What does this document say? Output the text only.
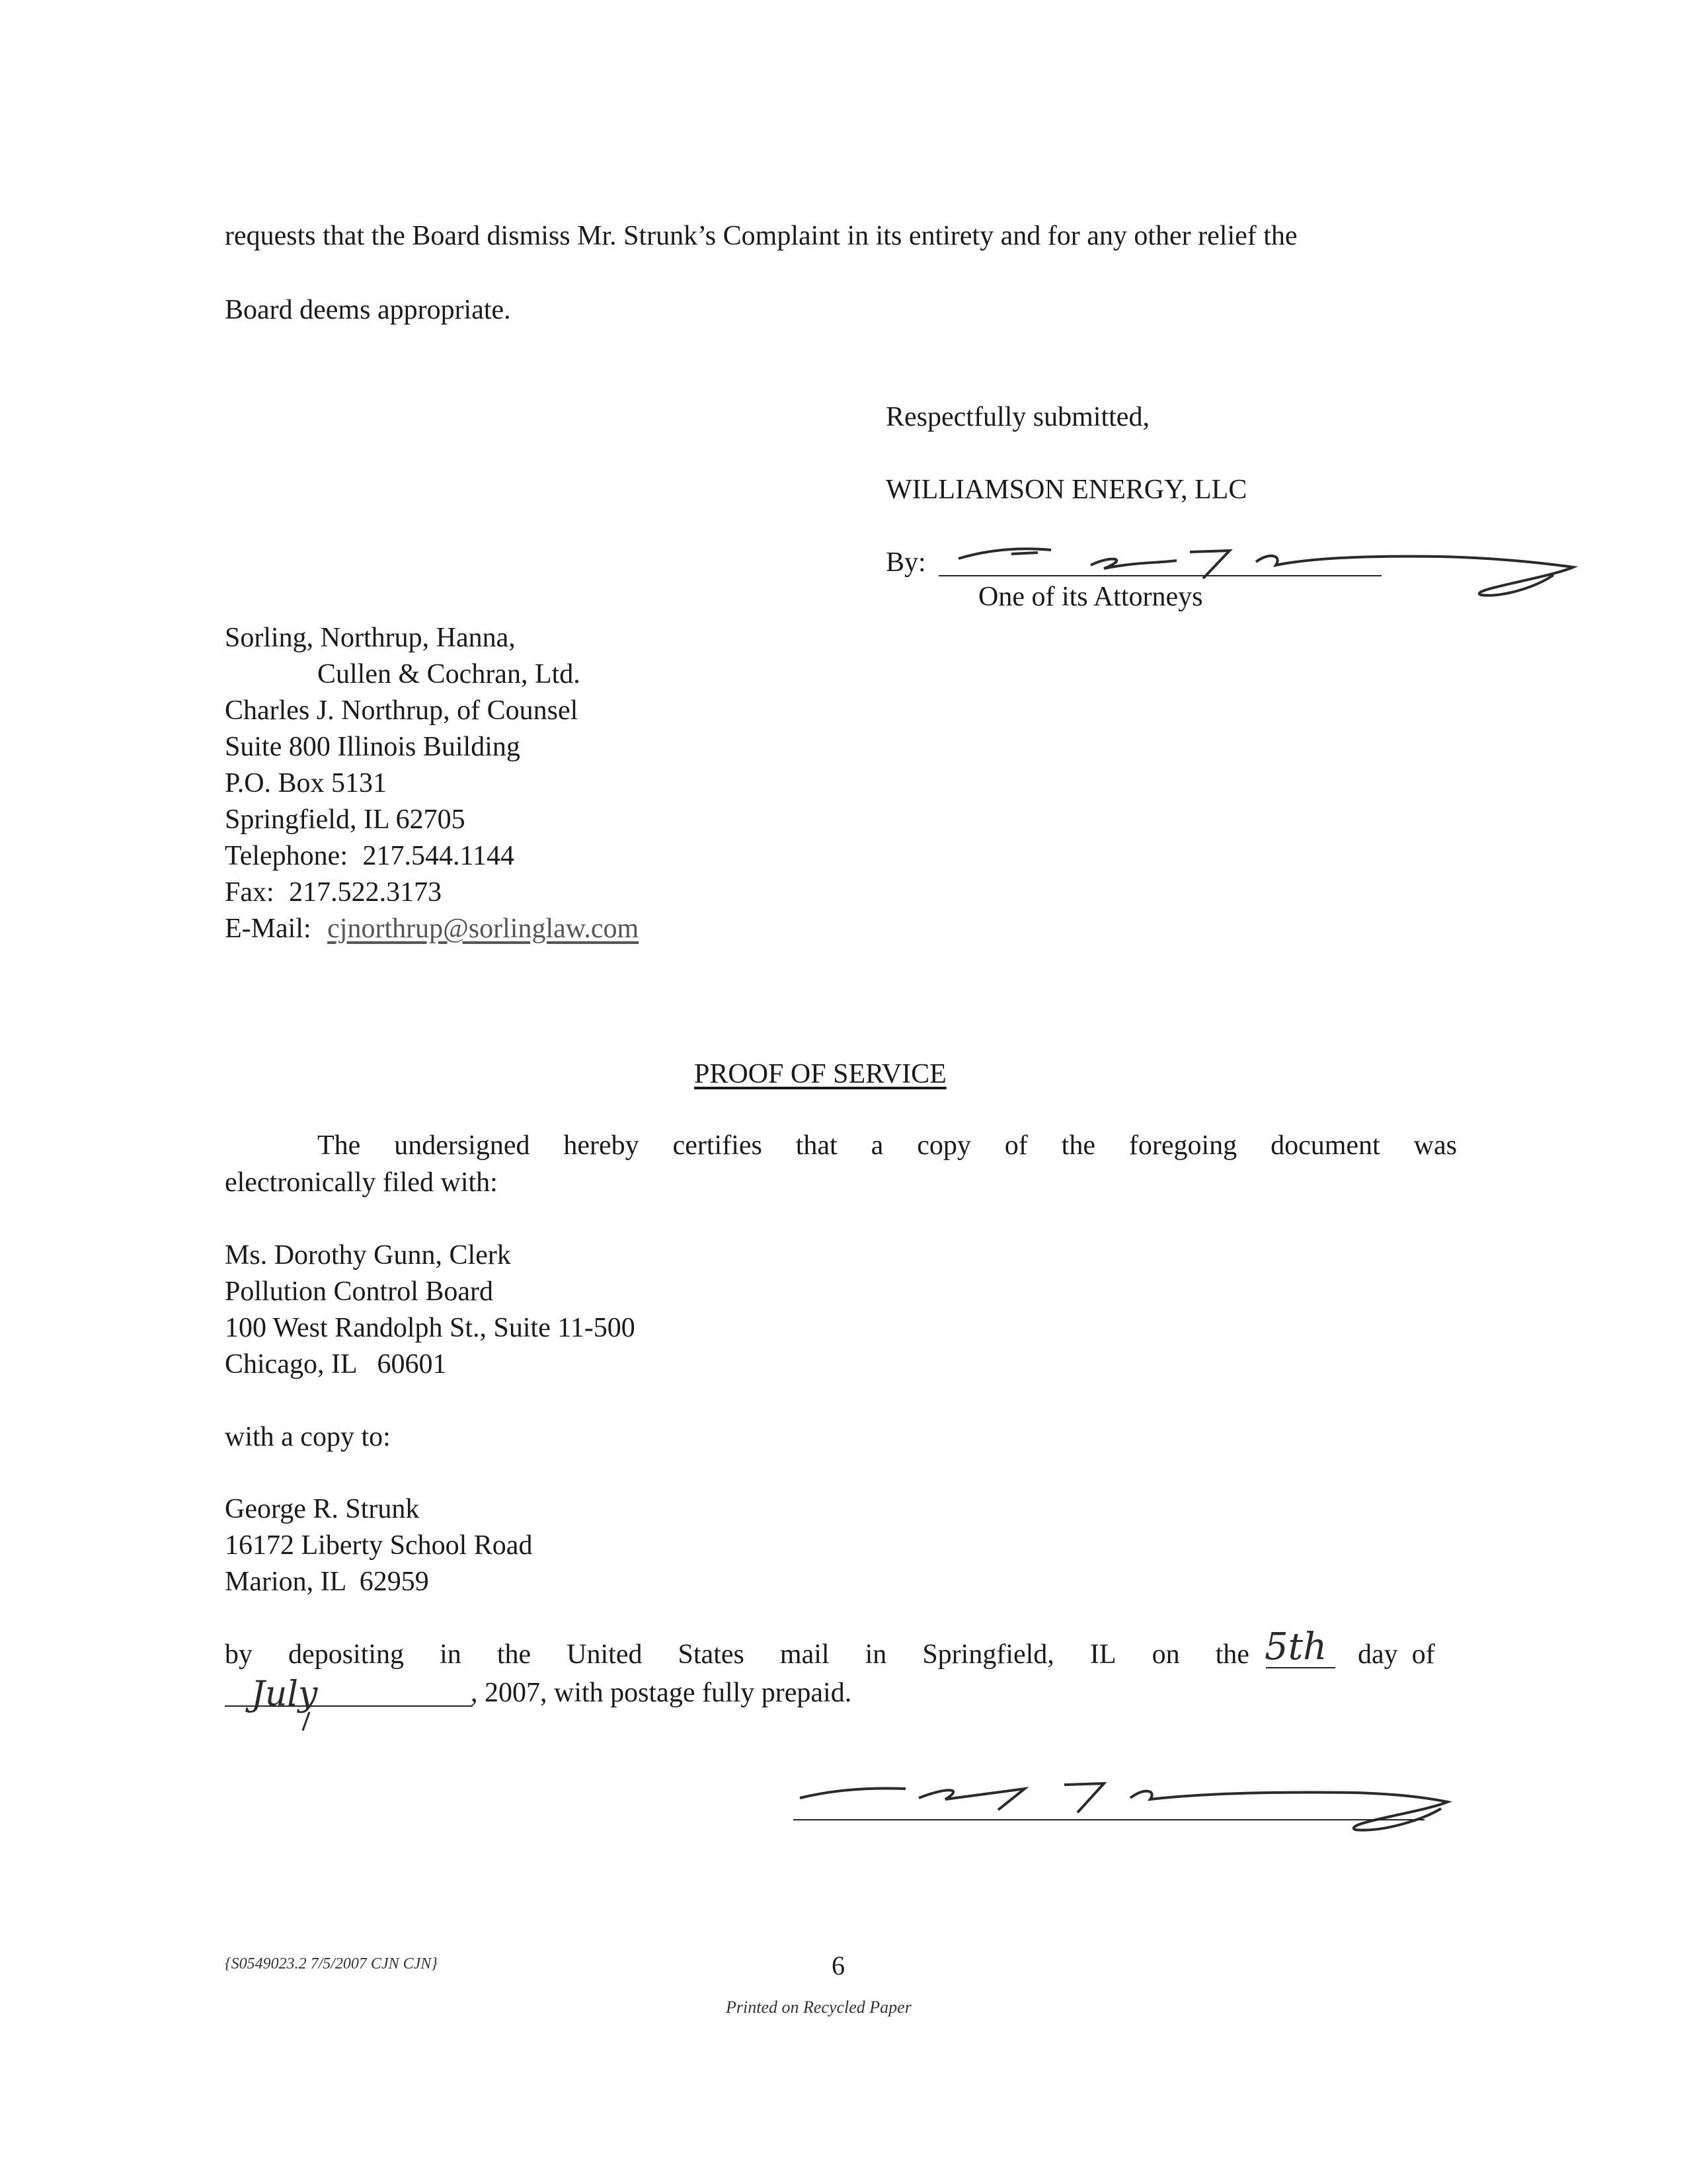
requests that the Board dismiss Mr. Strunk’s Complaint in its entirety and for any other relief the
Board deems appropriate.
Respectfully submitted,
WILLIAMSON ENERGY, LLC
By:
One of its Attorneys
Sorling, Northrup, Hanna,
Cullen & Cochran, Ltd.
Charles J. Northrup, of Counsel
Suite 800 Illinois Building
P.O. Box 5131
Springfield, IL 62705
Telephone: 217.544.1144
Fax: 217.522.3173
E-Mail: cjnorthrup@sorlinglaw.com
PROOF OF SERVICE
The undersigned hereby certifies that a copy of the foregoing document was
electronically filed with:
Ms. Dorothy Gunn, Clerk
Pollution Control Board
100 West Randolph St., Suite 11-500
Chicago, IL   60601
with a copy to:
George R. Strunk
16172 Liberty School Road
Marion, IL  62959
by depositing in the United States mail in Springfield, IL on the 5th day  of
July	, 2007, with postage fully prepaid.
{S0549023.2 7/5/2007 CJN CJN}	6
Printed on Recycled Paper
